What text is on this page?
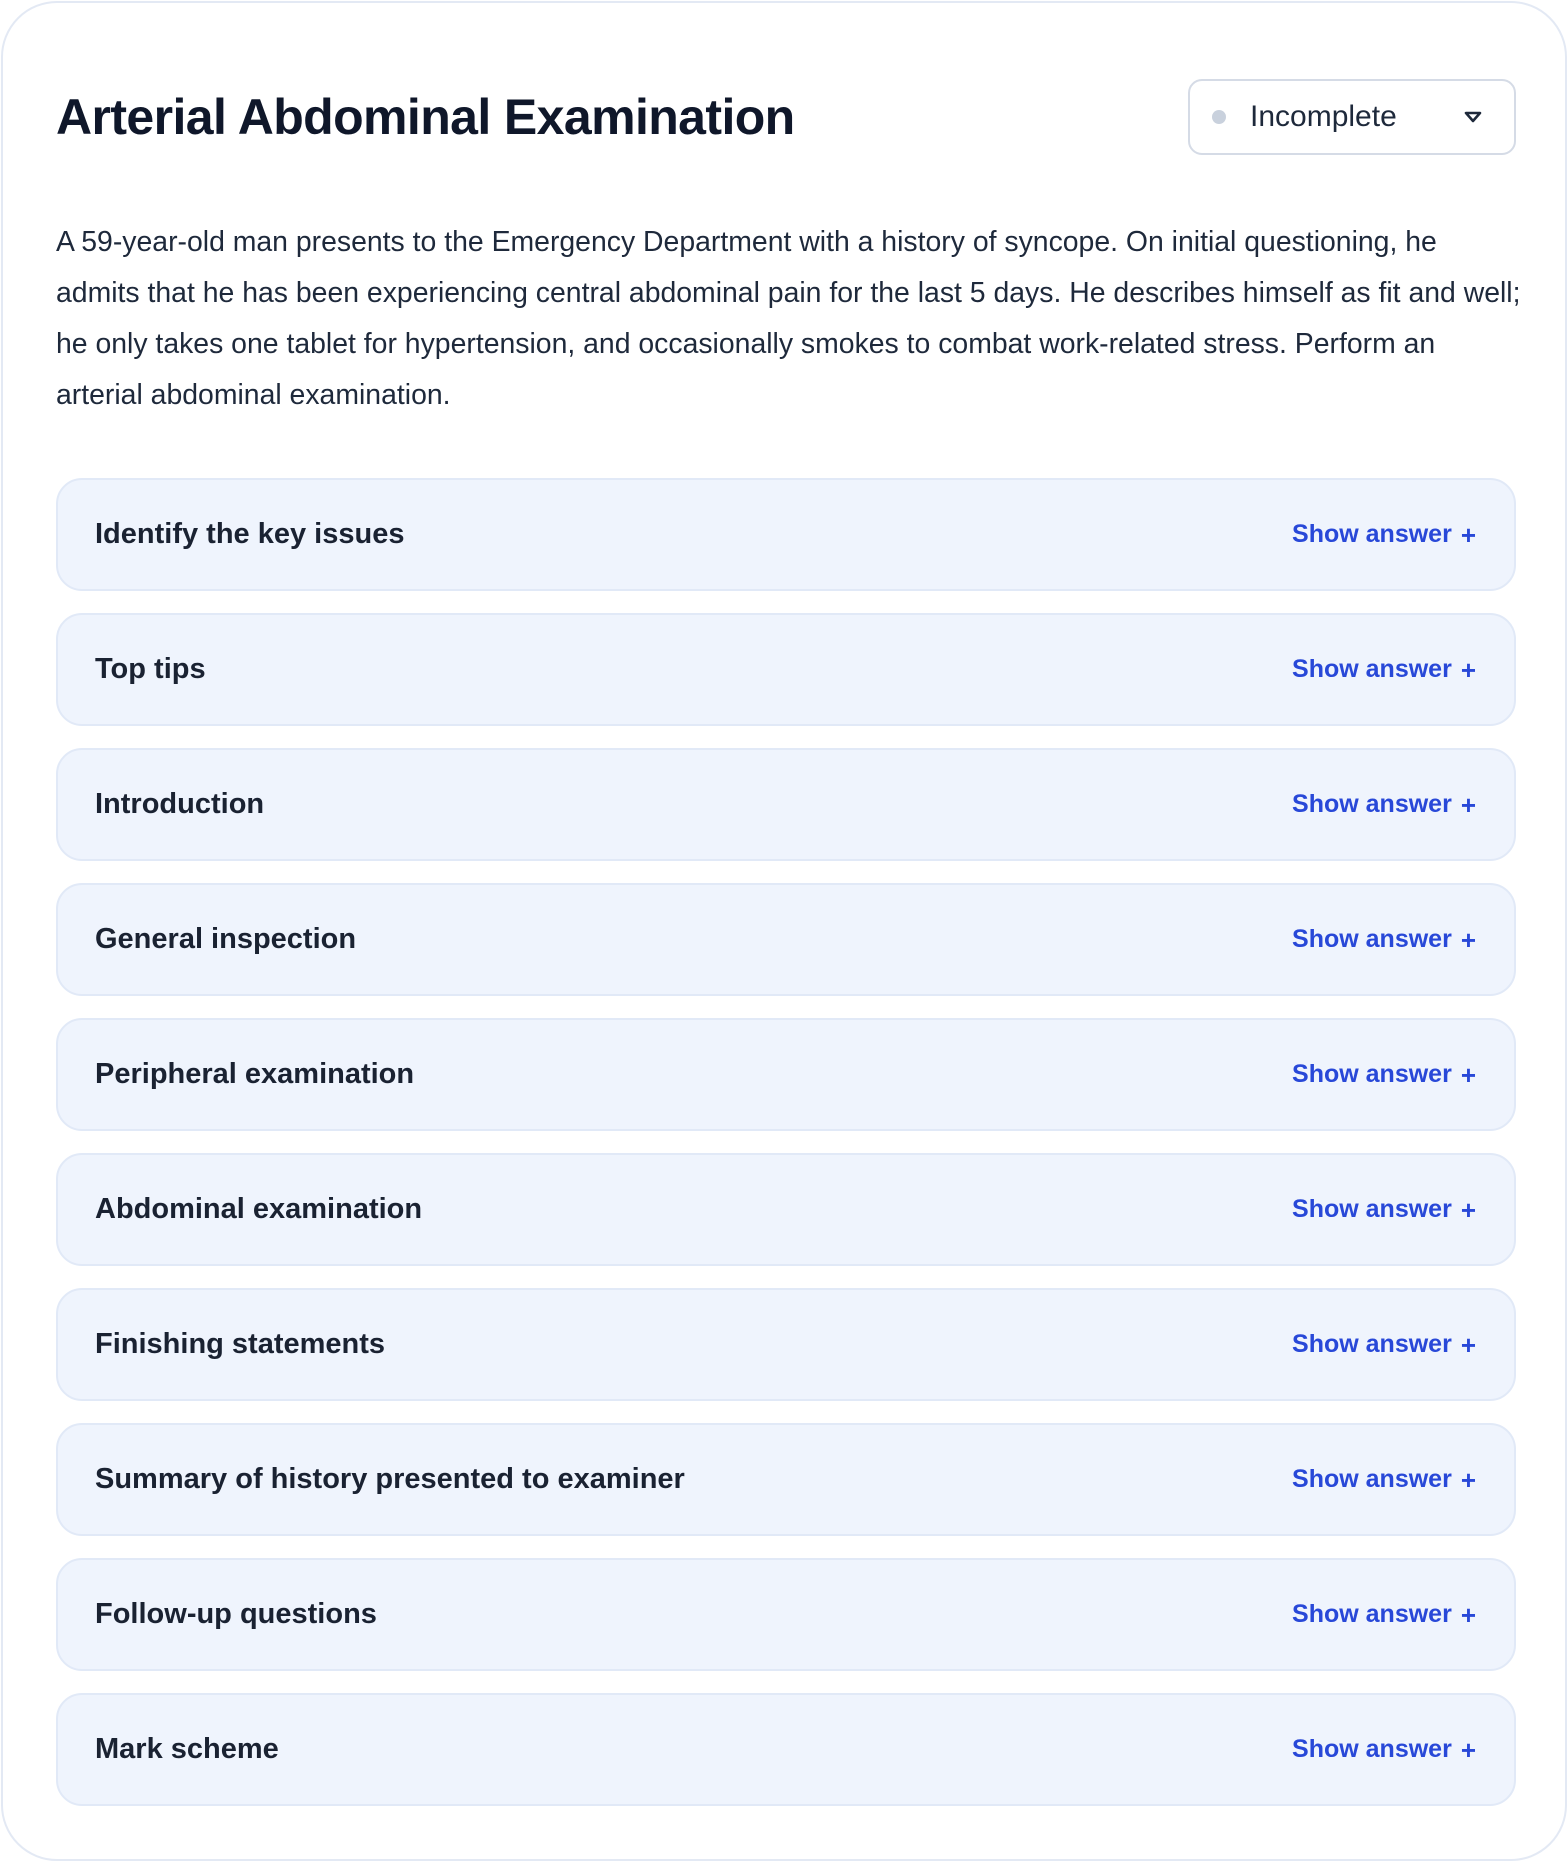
Arterial Abdominal Examination	Incomplete

A 59-year-old man presents to the Emergency Department with a history of syncope. On initial questioning, he admits that he has been experiencing central abdominal pain for the last 5 days. He describes himself as fit and well; he only takes one tablet for hypertension, and occasionally smokes to combat work-related stress. Perform an arterial abdominal examination.

Identify the key issues	Show answer +
Top tips	Show answer +
Introduction	Show answer +
General inspection	Show answer +
Peripheral examination	Show answer +
Abdominal examination	Show answer +
Finishing statements	Show answer +
Summary of history presented to examiner	Show answer +
Follow-up questions	Show answer +
Mark scheme	Show answer +
